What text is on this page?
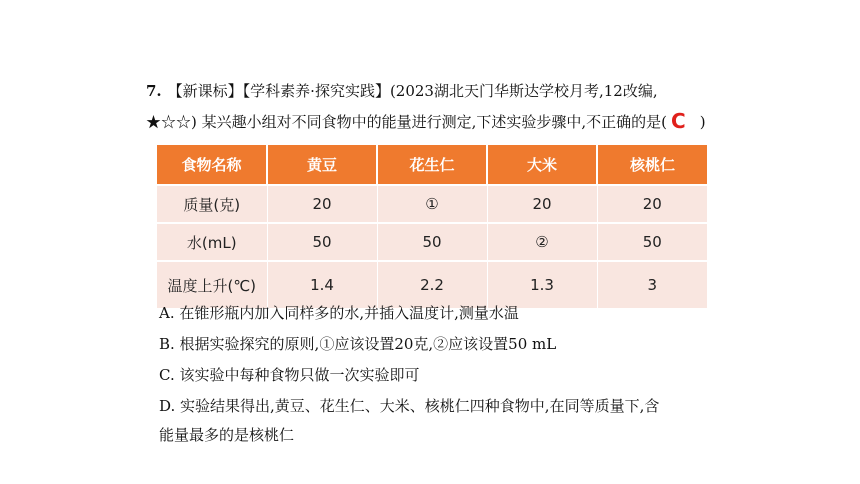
7. 【新课标】【学科素养·探究实践】(2023湖北天门华斯达学校月考,12改编,
★☆☆) 某兴趣小组对不同食物中的能量进行测定,下述实验步骤中,不正确的是( C )
食物名称	黄豆	花生仁	大米	核桃仁
质量(克)	20	①	20	20
水(mL)	50	50	②	50
温度上升(℃)	1.4	2.2	1.3	3
A. 在锥形瓶内加入同样多的水,并插入温度计,测量水温
B. 根据实验探究的原则,①应该设置20克,②应该设置50 mL
C. 该实验中每种食物只做一次实验即可
D. 实验结果得出,黄豆、花生仁、大米、核桃仁四种食物中,在同等质量下,含
能量最多的是核桃仁
